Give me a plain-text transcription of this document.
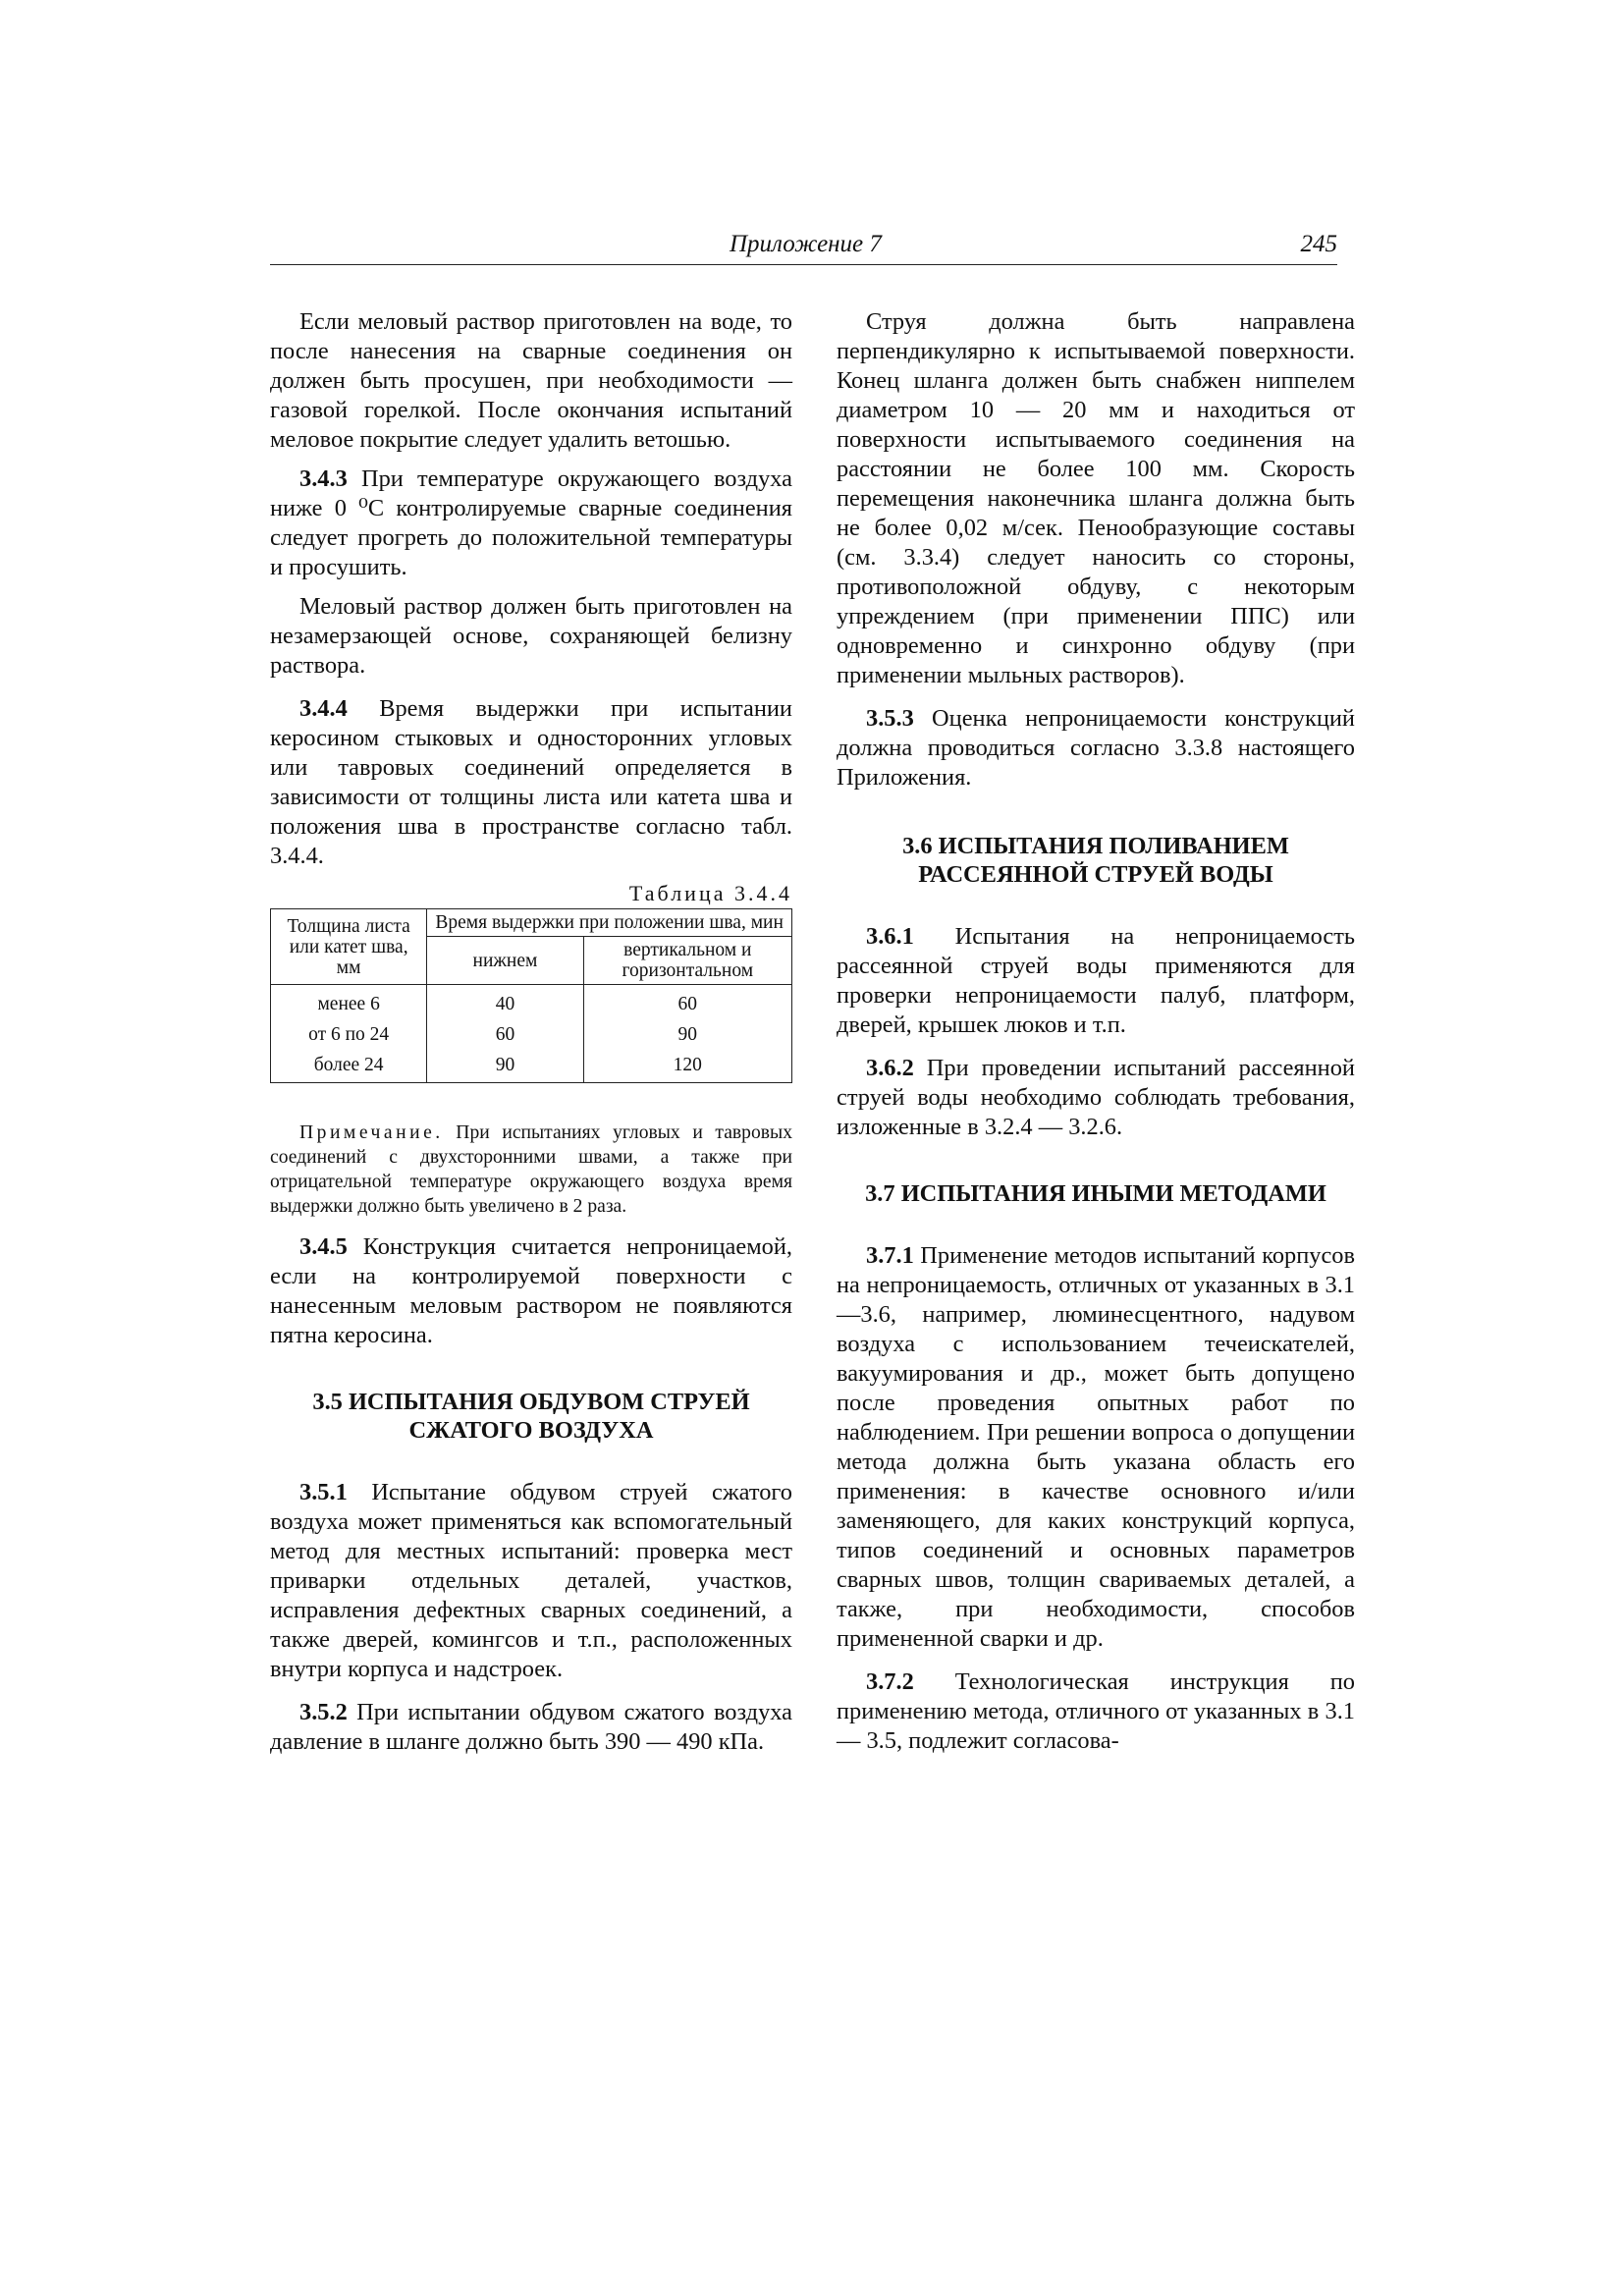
Приложение 7	245

Если меловый раствор приготовлен на воде, то после нанесения на сварные соединения он должен быть просушен, при необходимости — газовой горелкой. После окончания испытаний меловое покрытие следует удалить ветошью.

3.4.3 При температуре окружающего воздуха ниже 0 ⁰С контролируемые сварные соединения следует прогреть до положительной температуры и просушить.

Меловый раствор должен быть приготовлен на незамерзающей основе, сохраняющей белизну раствора.

3.4.4 Время выдержки при испытании керосином стыковых и односторонних угловых или тавровых соединений определяется в зависимости от толщины листа или катета шва и положения шва в пространстве согласно табл. 3.4.4.

Таблица 3.4.4
Толщина листа или катет шва, мм	Время выдержки при положении шва, мин	
	нижнем	вертикальном и горизонтальном
менее 6	40	60
от 6 по 24	60	90
более 24	90	120
Примечание. При испытаниях угловых и тавровых соединений с двухсторонними швами, а также при отрицательной температуре окружающего воздуха время выдержки должно быть увеличено в 2 раза.

3.4.5 Конструкция считается непроницаемой, если на контролируемой поверхности с нанесенным меловым раствором не появляются пятна керосина.

3.5 ИСПЫТАНИЯ ОБДУВОМ СТРУЕЙ СЖАТОГО ВОЗДУХА

3.5.1 Испытание обдувом струей сжатого воздуха может применяться как вспомогательный метод для местных испытаний: проверка мест приварки отдельных деталей, участков, исправления дефектных сварных соединений, а также дверей, комингсов и т.п., расположенных внутри корпуса и надстроек.

3.5.2 При испытании обдувом сжатого воздуха давление в шланге должно быть 390 — 490 кПа.

Струя должна быть направлена перпендикулярно к испытываемой поверхности. Конец шланга должен быть снабжен ниппелем диаметром 10 — 20 мм и находиться от поверхности испытываемого соединения на расстоянии не более 100 мм. Скорость перемещения наконечника шланга должна быть не более 0,02 м/сек. Пенообразующие составы (см. 3.3.4) следует наносить со стороны, противоположной обдуву, с некоторым упреждением (при применении ППС) или одновременно и синхронно обдуву (при применении мыльных растворов).

3.5.3 Оценка непроницаемости конструкций должна проводиться согласно 3.3.8 настоящего Приложения.

3.6 ИСПЫТАНИЯ ПОЛИВАНИЕМ РАССЕЯННОЙ СТРУЕЙ ВОДЫ

3.6.1 Испытания на непроницаемость рассеянной струей воды применяются для проверки непроницаемости палуб, платформ, дверей, крышек люков и т.п.

3.6.2 При проведении испытаний рассеянной струей воды необходимо соблюдать требования, изложенные в 3.2.4 — 3.2.6.

3.7 ИСПЫТАНИЯ ИНЫМИ МЕТОДАМИ

3.7.1 Применение методов испытаний корпусов на непроницаемость, отличных от указанных в 3.1—3.6, например, люминесцентного, надувом воздуха с использованием течеискателей, вакуумирования и др., может быть допущено после проведения опытных работ по наблюдением. При решении вопроса о допущении метода должна быть указана область его применения: в качестве основного и/или заменяющего, для каких конструкций корпуса, типов соединений и основных параметров сварных швов, толщин свариваемых деталей, а также, при необходимости, способов примененной сварки и др.

3.7.2 Технологическая инструкция по применению метода, отличного от указанных в 3.1 — 3.5, подлежит согласова-
